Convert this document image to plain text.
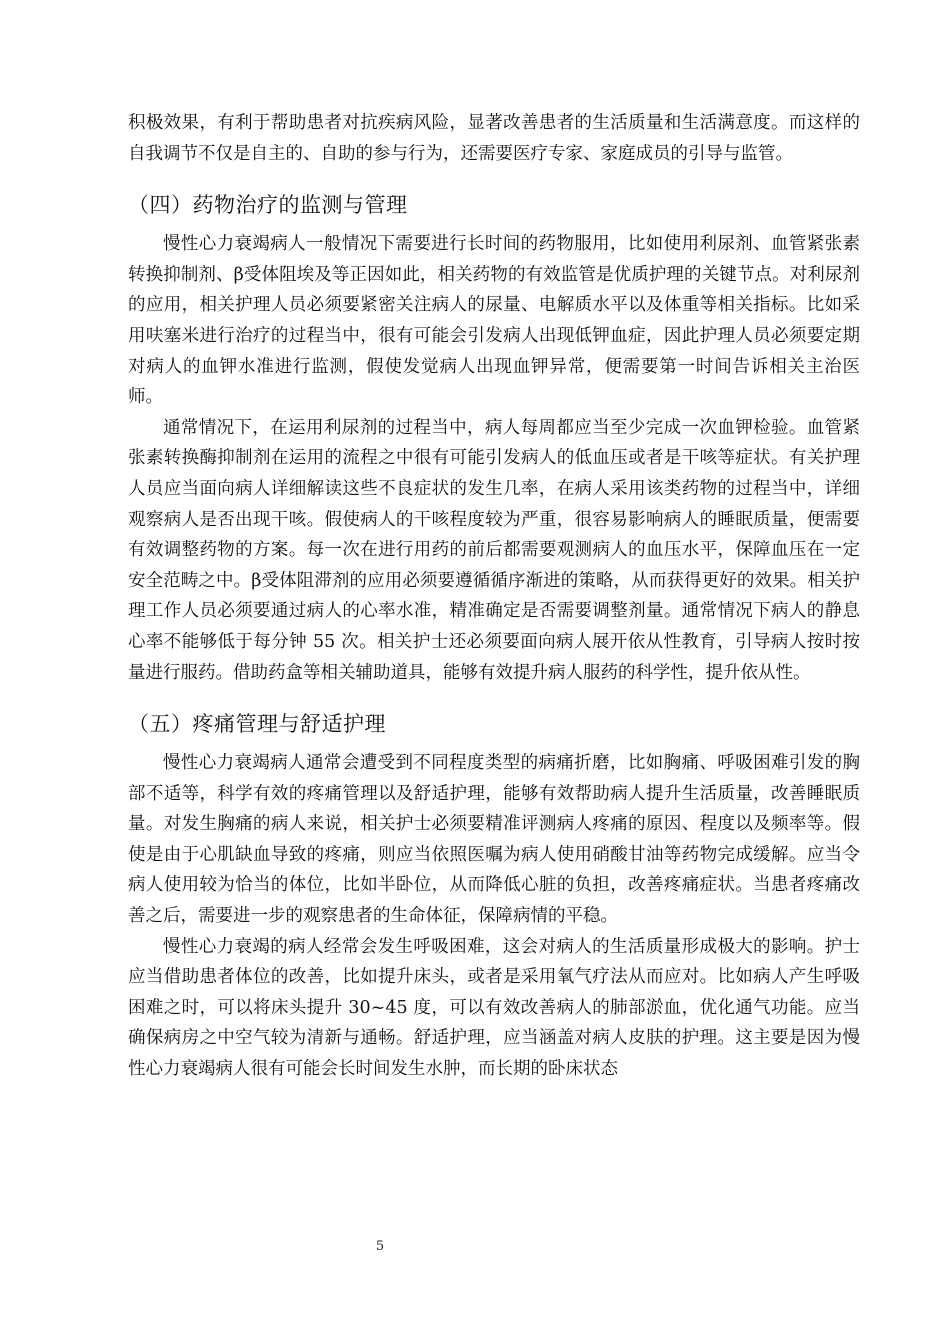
积极效果，有利于帮助患者对抗疾病风险，显著改善患者的生活质量和生活满意度。而这样的自我调节不仅是自主的、自助的参与行为，还需要医疗专家、家庭成员的引导与监管。

（四）药物治疗的监测与管理

慢性心力衰竭病人一般情况下需要进行长时间的药物服用，比如使用利尿剂、血管紧张素转换抑制剂、β受体阻埃及等正因如此，相关药物的有效监管是优质护理的关键节点。对利尿剂的应用，相关护理人员必须要紧密关注病人的尿量、电解质水平以及体重等相关指标。比如采用呋塞米进行治疗的过程当中，很有可能会引发病人出现低钾血症，因此护理人员必须要定期对病人的血钾水准进行监测，假使发觉病人出现血钾异常，便需要第一时间告诉相关主治医师。

通常情况下，在运用利尿剂的过程当中，病人每周都应当至少完成一次血钾检验。血管紧张素转换酶抑制剂在运用的流程之中很有可能引发病人的低血压或者是干咳等症状。有关护理人员应当面向病人详细解读这些不良症状的发生几率，在病人采用该类药物的过程当中，详细观察病人是否出现干咳。假使病人的干咳程度较为严重，很容易影响病人的睡眠质量，便需要有效调整药物的方案。每一次在进行用药的前后都需要观测病人的血压水平，保障血压在一定安全范畴之中。β受体阻滞剂的应用必须要遵循循序渐进的策略，从而获得更好的效果。相关护理工作人员必须要通过病人的心率水准，精准确定是否需要调整剂量。通常情况下病人的静息心率不能够低于每分钟 55 次。相关护士还必须要面向病人展开依从性教育，引导病人按时按量进行服药。借助药盒等相关辅助道具，能够有效提升病人服药的科学性，提升依从性。

（五）疼痛管理与舒适护理

慢性心力衰竭病人通常会遭受到不同程度类型的病痛折磨，比如胸痛、呼吸困难引发的胸部不适等，科学有效的疼痛管理以及舒适护理，能够有效帮助病人提升生活质量，改善睡眠质量。对发生胸痛的病人来说，相关护士必须要精准评测病人疼痛的原因、程度以及频率等。假使是由于心肌缺血导致的疼痛，则应当依照医嘱为病人使用硝酸甘油等药物完成缓解。应当令病人使用较为恰当的体位，比如半卧位，从而降低心脏的负担，改善疼痛症状。当患者疼痛改善之后，需要进一步的观察患者的生命体征，保障病情的平稳。

慢性心力衰竭的病人经常会发生呼吸困难，这会对病人的生活质量形成极大的影响。护士应当借助患者体位的改善，比如提升床头，或者是采用氧气疗法从而应对。比如病人产生呼吸困难之时，可以将床头提升 30~45 度，可以有效改善病人的肺部淤血，优化通气功能。应当确保病房之中空气较为清新与通畅。舒适护理，应当涵盖对病人皮肤的护理。这主要是因为慢性心力衰竭病人很有可能会长时间发生水肿，而长期的卧床状态

5
